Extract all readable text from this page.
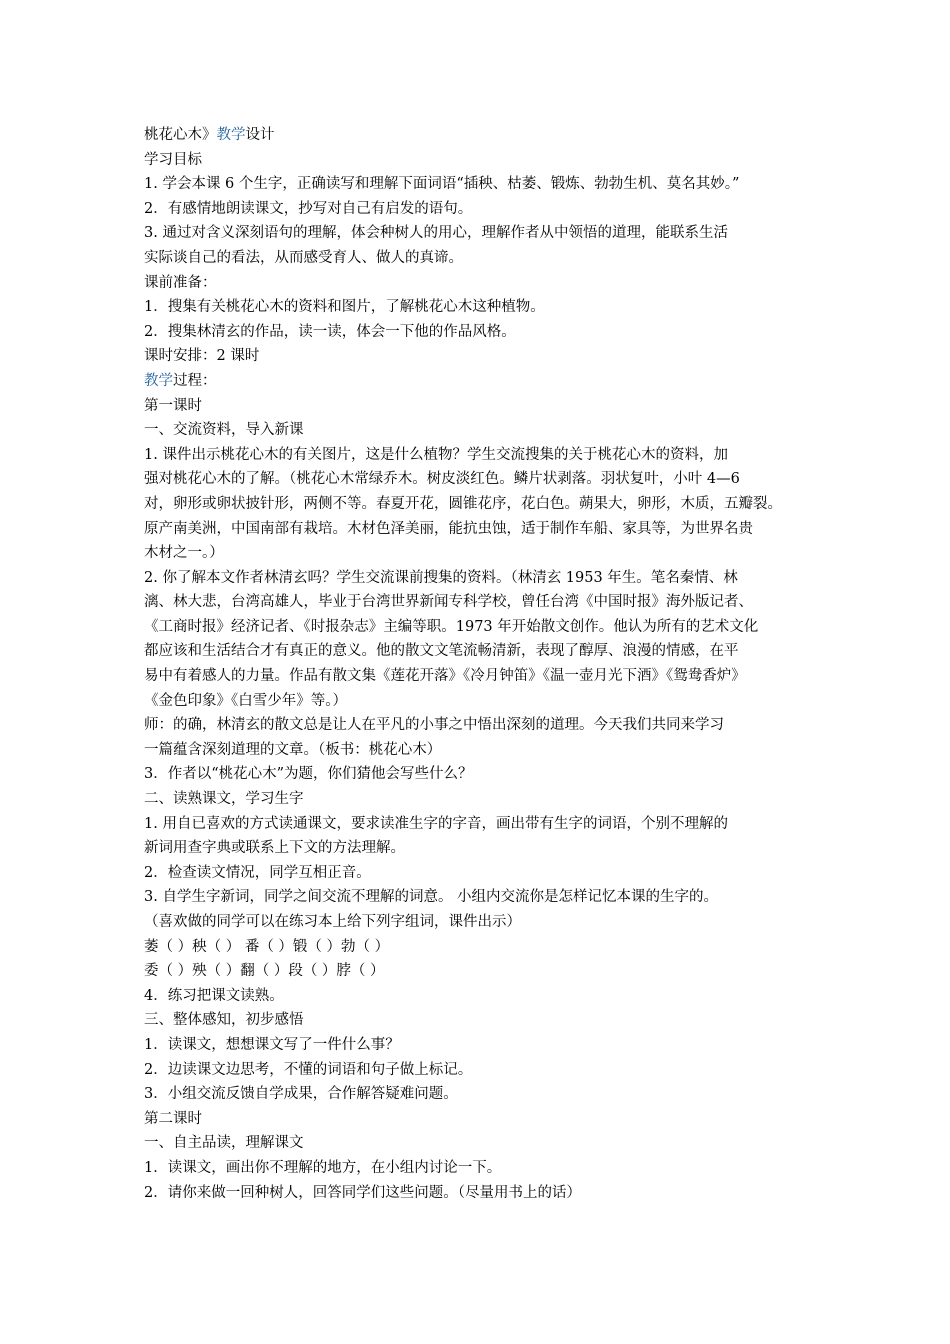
桃花心木》教学设计
学习目标
1. 学会本课 6 个生字，正确读写和理解下面词语“插秧、枯萎、锻炼、勃勃生机、莫名其妙。”
2．有感情地朗读课文，抄写对自己有启发的语句。
3. 通过对含义深刻语句的理解，体会种树人的用心，理解作者从中领悟的道理，能联系生活
实际谈自己的看法，从而感受育人、做人的真谛。
课前准备：
1．搜集有关桃花心木的资料和图片，了解桃花心木这种植物。
2．搜集林清玄的作品，读一读，体会一下他的作品风格。
课时安排：2 课时
教学过程：
第一课时
一、交流资料，导入新课
1. 课件出示桃花心木的有关图片，这是什么植物？学生交流搜集的关于桃花心木的资料，加
强对桃花心木的了解。（桃花心木常绿乔木。树皮淡红色。鳞片状剥落。羽状复叶，小叶 4—6
对，卵形或卵状披针形，两侧不等。春夏开花，圆锥花序，花白色。蒴果大，卵形，木质，五瓣裂。
原产南美洲，中国南部有栽培。木材色泽美丽，能抗虫蚀，适于制作车船、家具等，为世界名贵
木材之一。）
2. 你了解本文作者林清玄吗？学生交流课前搜集的资料。（林清玄 1953 年生。笔名秦情、林
漓、林大悲，台湾高雄人，毕业于台湾世界新闻专科学校，曾任台湾《中国时报》海外版记者、
《工商时报》经济记者、《时报杂志》主编等职。1973 年开始散文创作。他认为所有的艺术文化
都应该和生活结合才有真正的意义。他的散文文笔流畅清新，表现了醇厚、浪漫的情感，在平
易中有着感人的力量。作品有散文集《莲花开落》《冷月钟笛》《温一壶月光下酒》《鸳鸯香炉》
《金色印象》《白雪少年》等。）
师：的确，林清玄的散文总是让人在平凡的小事之中悟出深刻的道理。今天我们共同来学习
一篇蕴含深刻道理的文章。（板书：桃花心木）
3．作者以“桃花心木”为题，你们猜他会写些什么？
二、读熟课文，学习生字
1. 用自已喜欢的方式读通课文，要求读准生字的字音，画出带有生字的词语，个别不理解的
新词用查字典或联系上下文的方法理解。
2．检查读文情况，同学互相正音。
3. 自学生字新词，同学之间交流不理解的词意。 小组内交流你是怎样记忆本课的生字的。
（喜欢做的同学可以在练习本上给下列字组词，课件出示）
萎（ ）秧（ ） 番（ ）锻（ ）勃（ ）
委（ ）殃（ ）翻（ ）段（ ）脖（ ）
4．练习把课文读熟。
三、整体感知，初步感悟
1．读课文，想想课文写了一件什么事？
2．边读课文边思考，不懂的词语和句子做上标记。
3．小组交流反馈自学成果，合作解答疑难问题。
第二课时
一、自主品读，理解课文
1．读课文，画出你不理解的地方，在小组内讨论一下。
2．请你来做一回种树人，回答同学们这些问题。（尽量用书上的话）
